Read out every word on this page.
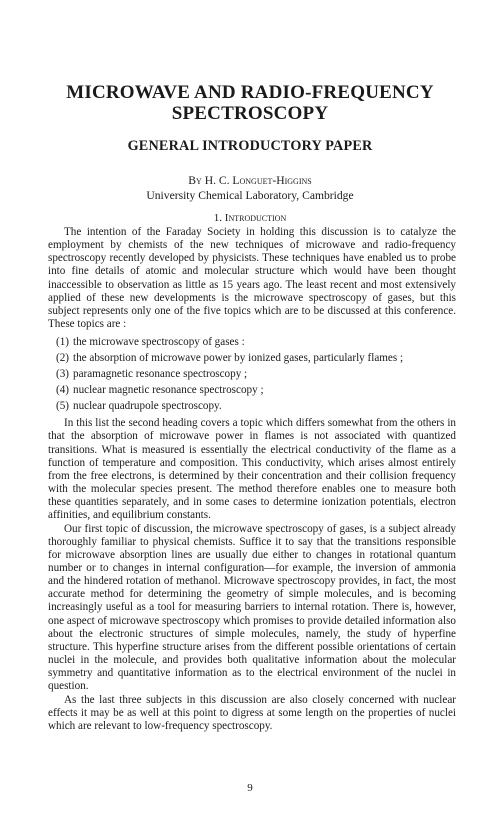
MICROWAVE AND RADIO-FREQUENCY SPECTROSCOPY
GENERAL INTRODUCTORY PAPER
By H. C. Longuet-Higgins
University Chemical Laboratory, Cambridge
1. Introduction

The intention of the Faraday Society in holding this discussion is to catalyze the employment by chemists of the new techniques of microwave and radio-frequency spectroscopy recently developed by physicists. These techniques have enabled us to probe into fine details of atomic and molecular structure which would have been thought inaccessible to observation as little as 15 years ago. The least recent and most extensively applied of these new developments is the microwave spectroscopy of gases, but this subject represents only one of the five topics which are to be discussed at this conference. These topics are :

(1) the microwave spectroscopy of gases :
(2) the absorption of microwave power by ionized gases, particularly flames ;
(3) paramagnetic resonance spectroscopy ;
(4) nuclear magnetic resonance spectroscopy ;
(5) nuclear quadrupole spectroscopy.

In this list the second heading covers a topic which differs somewhat from the others in that the absorption of microwave power in flames is not associated with quantized transitions. What is measured is essentially the electrical conductivity of the flame as a function of temperature and composition. This conductivity, which arises almost entirely from the free electrons, is determined by their concentration and their collision frequency with the molecular species present. The method therefore enables one to measure both these quantities separately, and in some cases to determine ionization potentials, electron affinities, and equilibrium constants.

Our first topic of discussion, the microwave spectroscopy of gases, is a subject already thoroughly familiar to physical chemists. Suffice it to say that the transitions responsible for microwave absorption lines are usually due either to changes in rotational quantum number or to changes in internal configuration—for example, the inversion of ammonia and the hindered rotation of methanol. Microwave spectroscopy provides, in fact, the most accurate method for determining the geometry of simple molecules, and is becoming increasingly useful as a tool for measuring barriers to internal rotation. There is, however, one aspect of microwave spectroscopy which promises to provide detailed information also about the electronic structures of simple molecules, namely, the study of hyperfine structure. This hyperfine structure arises from the different possible orientations of certain nuclei in the molecule, and provides both qualitative information about the molecular symmetry and quantitative information as to the electrical environment of the nuclei in question.

As the last three subjects in this discussion are also closely concerned with nuclear effects it may be as well at this point to digress at some length on the properties of nuclei which are relevant to low-frequency spectroscopy.

9
